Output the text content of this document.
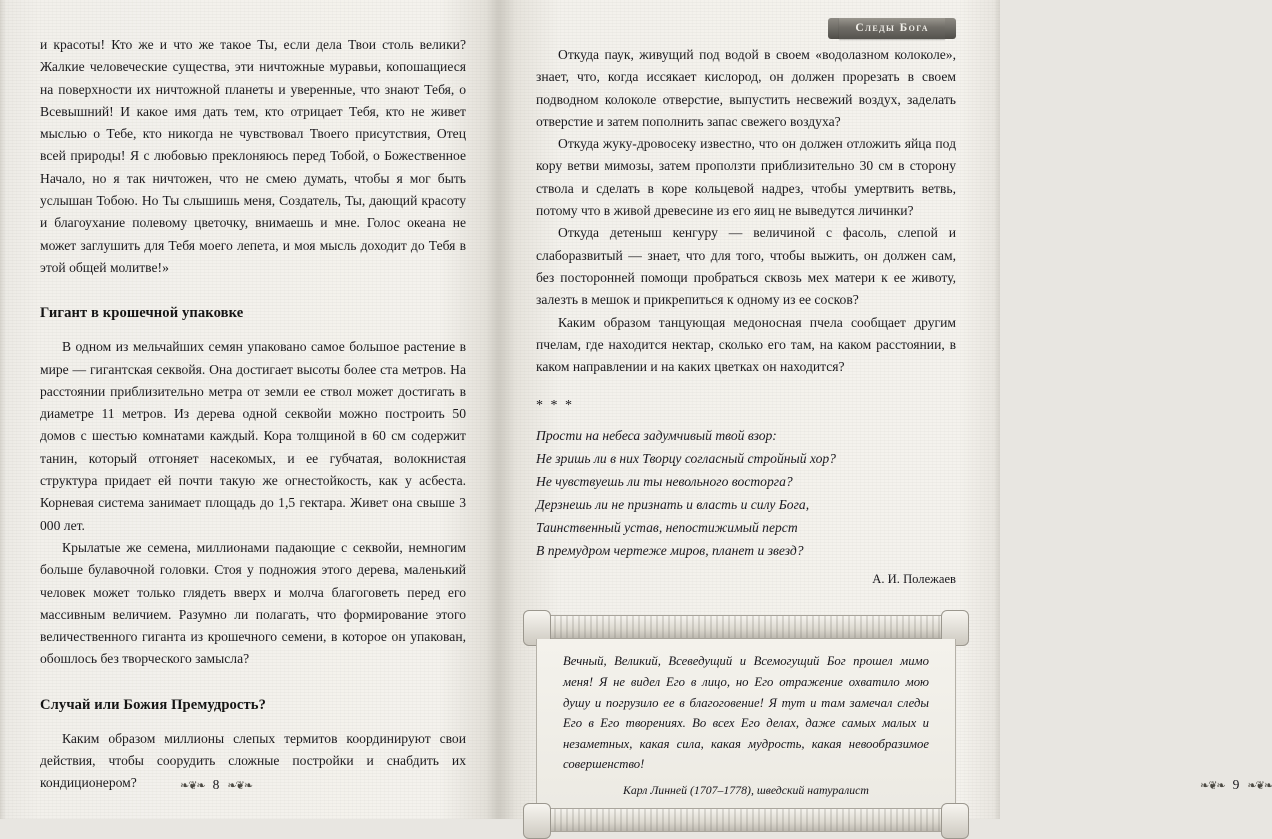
и красоты! Кто же и что же такое Ты, если дела Твои столь велики? Жалкие человеческие существа, эти ничтожные муравьи, копошащиеся на поверхности их ничтожной планеты и уверенные, что знают Тебя, о Всевышний! И какое имя дать тем, кто отрицает Тебя, кто не живет мыслью о Тебе, кто никогда не чувствовал Твоего присутствия, Отец всей природы! Я с любовью преклоняюсь перед Тобой, о Божественное Начало, но я так ничтожен, что не смею думать, чтобы я мог быть услышан Тобою. Но Ты слышишь меня, Создатель, Ты, дающий красоту и благоухание полевому цветочку, внимаешь и мне. Голос океана не может заглушить для Тебя моего лепета, и моя мысль доходит до Тебя в этой общей молитве!»

Гигант в крошечной упаковке

В одном из мельчайших семян упаковано самое большое растение в мире — гигантская секвойя. Она достигает высоты более ста метров. На расстоянии приблизительно метра от земли ее ствол может достигать в диаметре 11 метров. Из дерева одной секвойи можно построить 50 домов с шестью комнатами каждый. Кора толщиной в 60 см содержит танин, который отгоняет насекомых, и ее губчатая, волокнистая структура придает ей почти такую же огнестойкость, как у асбеста. Корневая система занимает площадь до 1,5 гектара. Живет она свыше 3 000 лет.

Крылатые же семена, миллионами падающие с секвойи, немногим больше булавочной головки. Стоя у подножия этого дерева, маленький человек может только глядеть вверх и молча благоговеть перед его массивным величием. Разумно ли полагать, что формирование этого величественного гиганта из крошечного семени, в которое он упакован, обошлось без творческого замысла?

Случай или Божия Премудрость?

Каким образом миллионы слепых термитов координируют свои действия, чтобы соорудить сложные постройки и снабдить их кондиционером?	❧❦❧ 8 ❧❦❧
Следы Бога

Откуда паук, живущий под водой в своем «водолазном колоколе», знает, что, когда иссякает кислород, он должен прорезать в своем подводном колоколе отверстие, выпустить несвежий воздух, заделать отверстие и затем пополнить запас свежего воздуха?

Откуда жуку-дровосеку известно, что он должен отложить яйца под кору ветви мимозы, затем проползти приблизительно 30 см в сторону ствола и сделать в коре кольцевой надрез, чтобы умертвить ветвь, потому что в живой древесине из его яиц не выведутся личинки?

Откуда детеныш кенгуру — величиной с фасоль, слепой и слаборазвитый — знает, что для того, чтобы выжить, он должен сам, без посторонней помощи пробраться сквозь мех матери к ее животу, залезть в мешок и прикрепиться к одному из ее сосков?

Каким образом танцующая медоносная пчела сообщает другим пчелам, где находится нектар, сколько его там, на каком расстоянии, в каком направлении и на каких цветках он находится?

* * *
Прости на небеса задумчивый твой взор:
Не зришь ли в них Творцу согласный стройный хор?
Не чувствуешь ли ты невольного восторга?
Дерзнешь ли не признать и власть и силу Бога,
Таинственный устав, непостижимый перст
В премудром чертеже миров, планет и звезд?
А. И. Полежаев

Вечный, Великий, Всеведущий и Всемогущий Бог прошел мимо меня! Я не видел Его в лицо, но Его отражение охватило мою душу и погрузило ее в благоговение! Я тут и там замечал следы Его в Его творениях. Во всех Его делах, даже самых малых и незаметных, какая сила, какая мудрость, какая невообразимое совершенство!

Карл Линней (1707–1778), шведский натуралист	❧❦❧ 9 ❧❦❧
